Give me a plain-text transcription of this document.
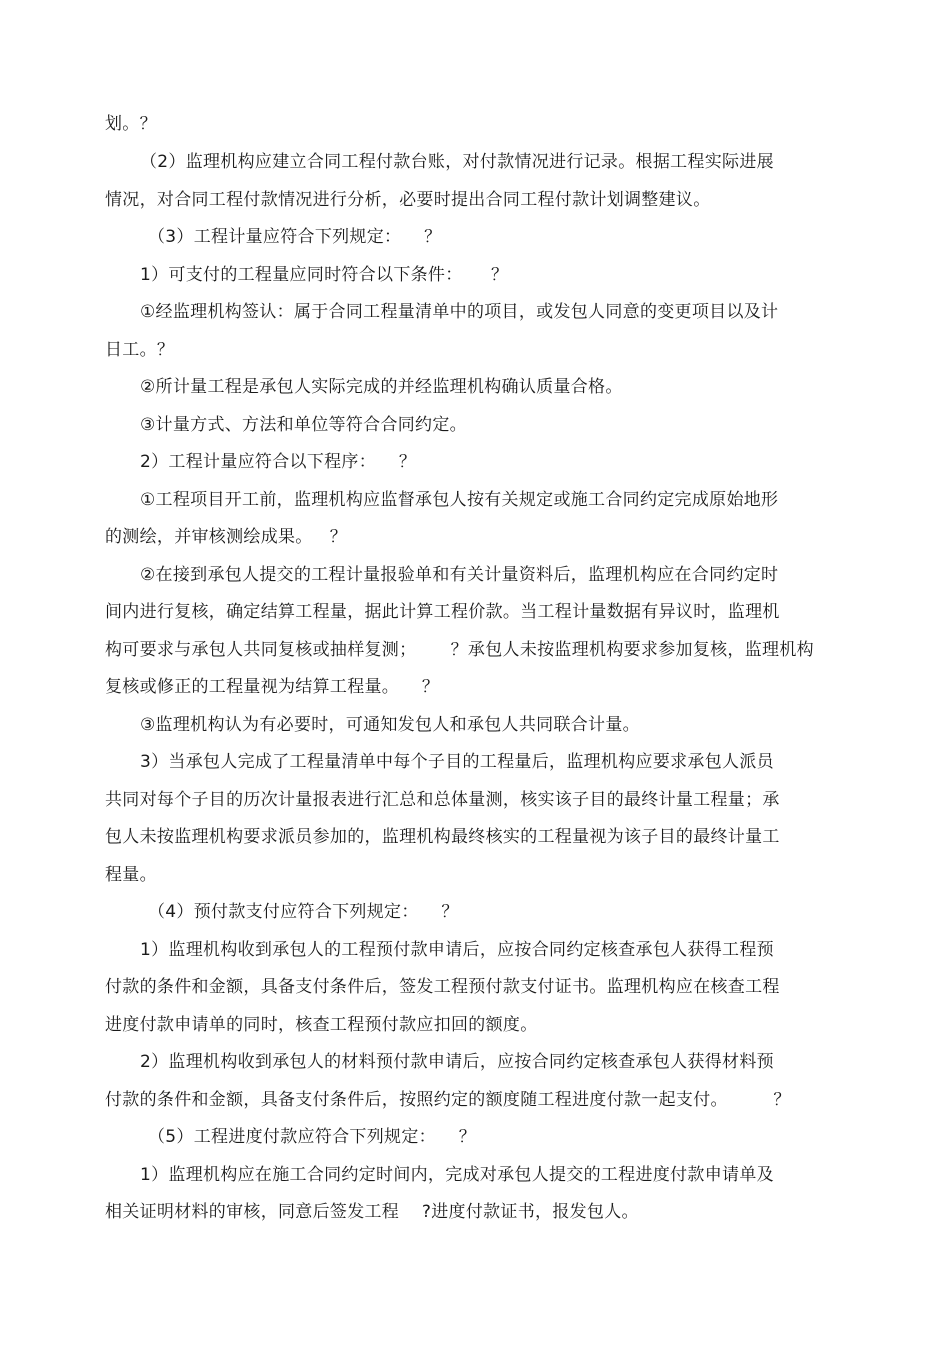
划。？
（2）监理机构应建立合同工程付款台账，对付款情况进行记录。根据工程实际进展
情况，对合同工程付款情况进行分析，必要时提出合同工程付款计划调整建议。
（3）工程计量应符合下列规定：    ？
1）可支付的工程量应同时符合以下条件：     ？
①经监理机构签认：属于合同工程量清单中的项目，或发包人同意的变更项目以及计
日工。？
②所计量工程是承包人实际完成的并经监理机构确认质量合格。
③计量方式、方法和单位等符合合同约定。
2）工程计量应符合以下程序：    ？
①工程项目开工前，监理机构应监督承包人按有关规定或施工合同约定完成原始地形
的测绘，并审核测绘成果。   ？
②在接到承包人提交的工程计量报验单和有关计量资料后，监理机构应在合同约定时
间内进行复核，确定结算工程量，据此计算工程价款。当工程计量数据有异议时，监理机
构可要求与承包人共同复核或抽样复测；      ？承包人未按监理机构要求参加复核，监理机构
复核或修正的工程量视为结算工程量。    ？
③监理机构认为有必要时，可通知发包人和承包人共同联合计量。
3）当承包人完成了工程量清单中每个子目的工程量后，监理机构应要求承包人派员
共同对每个子目的历次计量报表进行汇总和总体量测，核实该子目的最终计量工程量；承
包人未按监理机构要求派员参加的，监理机构最终核实的工程量视为该子目的最终计量工
程量。
（4）预付款支付应符合下列规定：    ？
1）监理机构收到承包人的工程预付款申请后，应按合同约定核查承包人获得工程预
付款的条件和金额，具备支付条件后，签发工程预付款支付证书。监理机构应在核查工程
进度付款申请单的同时，核查工程预付款应扣回的额度。
2）监理机构收到承包人的材料预付款申请后，应按合同约定核查承包人获得材料预
付款的条件和金额，具备支付条件后，按照约定的额度随工程进度付款一起支付。        ？
（5）工程进度付款应符合下列规定：    ？
1）监理机构应在施工合同约定时间内，完成对承包人提交的工程进度付款申请单及
相关证明材料的审核，同意后签发工程    ?进度付款证书，报发包人。
